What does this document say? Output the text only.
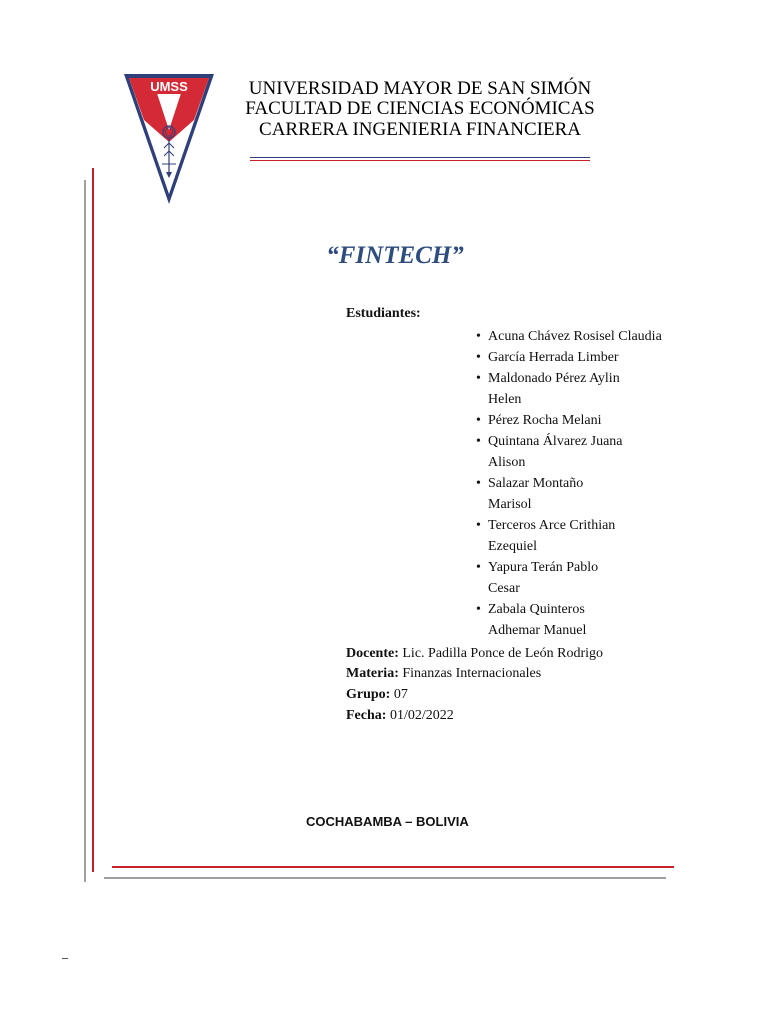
UMSS	UNIVERSIDAD MAYOR DE SAN SIMÓN
FACULTAD DE CIENCIAS ECONÓMICAS
CARRERA INGENIERIA FINANCIERA
“FINTECH”
Estudiantes:
• Acuna Chávez Rosisel Claudia
• García Herrada Limber
• Maldonado Pérez Aylin Helen
• Pérez Rocha Melani
• Quintana Álvarez Juana Alison
• Salazar Montaño Marisol
• Terceros Arce Crithian Ezequiel
• Yapura Terán Pablo Cesar
• Zabala Quinteros Adhemar Manuel
Docente: Lic. Padilla Ponce de León Rodrigo
Materia: Finanzas Internacionales
Grupo: 07
Fecha: 01/02/2022
COCHABAMBA – BOLIVIA
